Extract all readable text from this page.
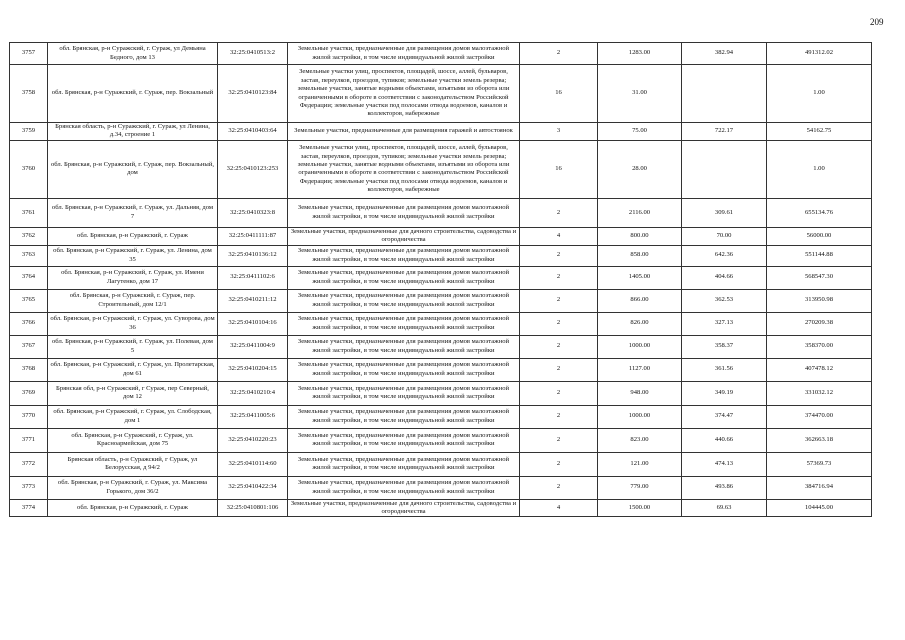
209
3757	обл. Брянская, р-н Суражский, г. Сураж, ул Демьяна Бедного, дом 13	32:25:0410513:2	Земельные участки, предназначенные для размещения домов малоэтажной жилой застройки, в том числе индивидуальной жилой застройки	2	1283.00	382.94	491312.02
3758	обл. Брянская, р-н Суражский, г. Сураж, пер. Вокзальный	32:25:0410123:84	Земельные участки улиц, проспектов, площадей, шоссе, аллей, бульваров, застав, переулков, проездов, тупиков; земельные участки земель резерва; земельные участки, занятые водными объектами, изъятыми из оборота или ограниченными в обороте в соответствии с законодательством Российской Федерации; земельные участки под полосами отвода водоемов, каналов и коллекторов, набережные	16	31.00		1.00
3759	Брянская область, р-н Суражский, г. Сураж, ул Ленина, д.34, строение 1	32:25:0410403:64	Земельные участки, предназначенные для размещения гаражей и автостоянок	3	75.00	722.17	54162.75
3760	обл. Брянская, р-н Суражский, г. Сураж, пер. Вокзальный, дом	32:25:0410123:253	Земельные участки улиц, проспектов, площадей, шоссе, аллей, бульваров, застав, переулков, проездов, тупиков; земельные участки земель резерва; земельные участки, занятые водными объектами, изъятыми из оборота или ограниченными в обороте в соответствии с законодательством Российской Федерации; земельные участки под полосами отвода водоемов, каналов и коллекторов, набережные	16	28.00		1.00
3761	обл. Брянская, р-н Суражский, г. Сураж, ул. Дальняя, дом 7	32:25:0410323:8	Земельные участки, предназначенные для размещения домов малоэтажной жилой застройки, в том числе индивидуальной жилой застройки	2	2116.00	309.61	655134.76
3762	обл. Брянская, р-н Суражский, г. Сураж	32:25:0411111:87	Земельные участки, предназначенные для дачного строительства, садоводства и огородничества	4	800.00	70.00	56000.00
3763	обл. Брянская, р-н Суражский, г. Сураж, ул. Ленина, дом 35	32:25:0410136:12	Земельные участки, предназначенные для размещения домов малоэтажной жилой застройки, в том числе индивидуальной жилой застройки	2	858.00	642.36	551144.88
3764	обл. Брянская, р-н Суражский, г. Сураж, ул. Имени Лагутенко, дом 17	32:25:0411102:6	Земельные участки, предназначенные для размещения домов малоэтажной жилой застройки, в том числе индивидуальной жилой застройки	2	1405.00	404.66	568547.30
3765	обл. Брянская, р-н Суражский, г. Сураж, пер. Строительный, дом 12/1	32:25:0410211:12	Земельные участки, предназначенные для размещения домов малоэтажной жилой застройки, в том числе индивидуальной жилой застройки	2	866.00	362.53	313950.98
3766	обл. Брянская, р-н Суражский, г. Сураж, ул. Суворова, дом 36	32:25:0410104:16	Земельные участки, предназначенные для размещения домов малоэтажной жилой застройки, в том числе индивидуальной жилой застройки	2	826.00	327.13	270209.38
3767	обл. Брянская, р-н Суражский, г. Сураж, ул. Полевая, дом 5	32:25:0411004:9	Земельные участки, предназначенные для размещения домов малоэтажной жилой застройки, в том числе индивидуальной жилой застройки	2	1000.00	358.37	358370.00
3768	обл. Брянская, р-н Суражский, г. Сураж, ул. Пролетарская, дом 61	32:25:0410204:15	Земельные участки, предназначенные для размещения домов малоэтажной жилой застройки, в том числе индивидуальной жилой застройки	2	1127.00	361.56	407478.12
3769	Брянская обл, р-н Суражский, г Сураж, пер Северный, дом 12	32:25:0410210:4	Земельные участки, предназначенные для размещения домов малоэтажной жилой застройки, в том числе индивидуальной жилой застройки	2	948.00	349.19	331032.12
3770	обл. Брянская, р-н Суражский, г. Сураж, ул. Слободская, дом 1	32:25:0411005:6	Земельные участки, предназначенные для размещения домов малоэтажной жилой застройки, в том числе индивидуальной жилой застройки	2	1000.00	374.47	374470.00
3771	обл. Брянская, р-н Суражский, г. Сураж, ул. Красноармейская, дом 75	32:25:0410220:23	Земельные участки, предназначенные для размещения домов малоэтажной жилой застройки, в том числе индивидуальной жилой застройки	2	823.00	440.66	362663.18
3772	Брянская область, р-н Суражский, г Сураж, ул Белорусская, д 94/2	32:25:0410114:60	Земельные участки, предназначенные для размещения домов малоэтажной жилой застройки, в том числе индивидуальной жилой застройки	2	121.00	474.13	57369.73
3773	обл. Брянская, р-н Суражский, г. Сураж, ул. Максима Горького, дом 36/2	32:25:0410422:34	Земельные участки, предназначенные для размещения домов малоэтажной жилой застройки, в том числе индивидуальной жилой застройки	2	779.00	493.86	384716.94
3774	обл. Брянская, р-н Суражский, г. Сураж	32:25:0410801:106	Земельные участки, предназначенные для дачного строительства, садоводства и огородничества	4	1500.00	69.63	104445.00
